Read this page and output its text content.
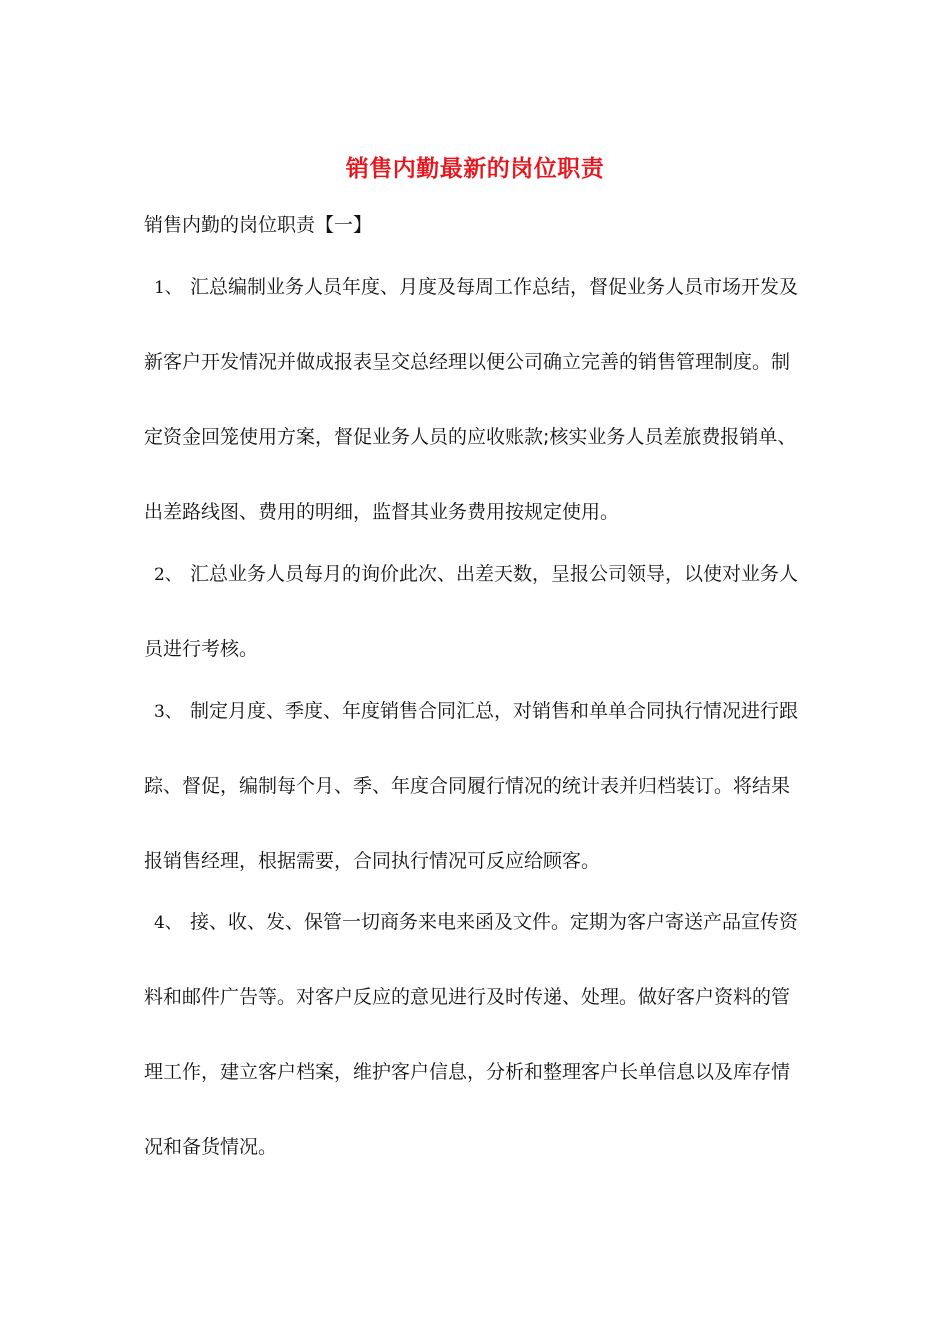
销售内勤最新的岗位职责
销售内勤的岗位职责【一】
1、 汇总编制业务人员年度、月度及每周工作总结，督促业务人员市场开发及
新客户开发情况并做成报表呈交总经理以便公司确立完善的销售管理制度。制
定资金回笼使用方案，督促业务人员的应收账款;核实业务人员差旅费报销单、
出差路线图、费用的明细，监督其业务费用按规定使用。
2、 汇总业务人员每月的询价此次、出差天数，呈报公司领导，以使对业务人
员进行考核。
3、 制定月度、季度、年度销售合同汇总，对销售和单单合同执行情况进行跟
踪、督促，编制每个月、季、年度合同履行情况的统计表并归档装订。将结果
报销售经理，根据需要，合同执行情况可反应给顾客。
4、 接、收、发、保管一切商务来电来函及文件。定期为客户寄送产品宣传资
料和邮件广告等。对客户反应的意见进行及时传递、处理。做好客户资料的管
理工作，建立客户档案，维护客户信息，分析和整理客户长单信息以及库存情
况和备货情况。
